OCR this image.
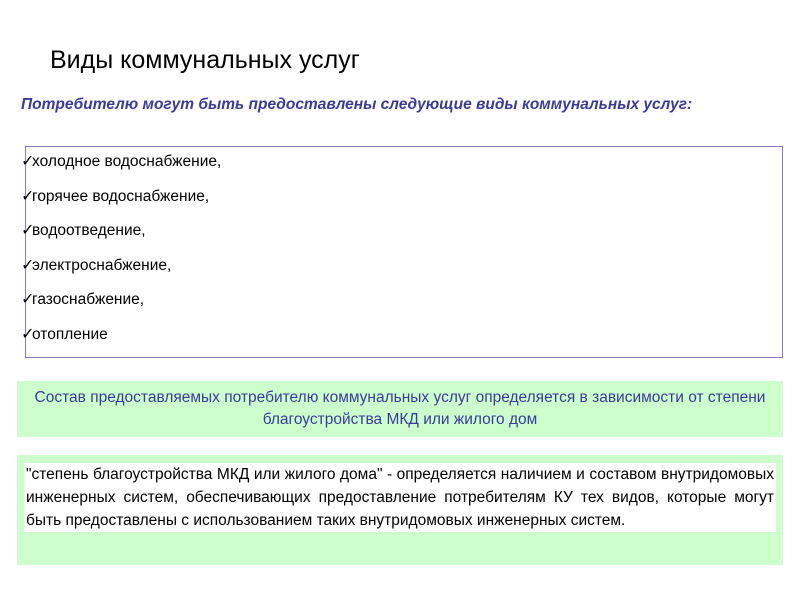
Виды коммунальных услуг
Потребителю могут быть предоставлены следующие виды коммунальных услуг:
✓холодное водоснабжение,
✓горячее водоснабжение,
✓водоотведение,
✓электроснабжение,
✓газоснабжение,
✓отопление
Состав предоставляемых потребителю коммунальных услуг определяется в зависимости от степени благоустройства МКД или жилого дом
"степень благоустройства МКД или жилого дома" - определяется наличием и составом внутридомовых инженерных систем, обеспечивающих предоставление потребителям КУ тех видов, которые могут быть предоставлены с использованием таких внутридомовых инженерных систем.
